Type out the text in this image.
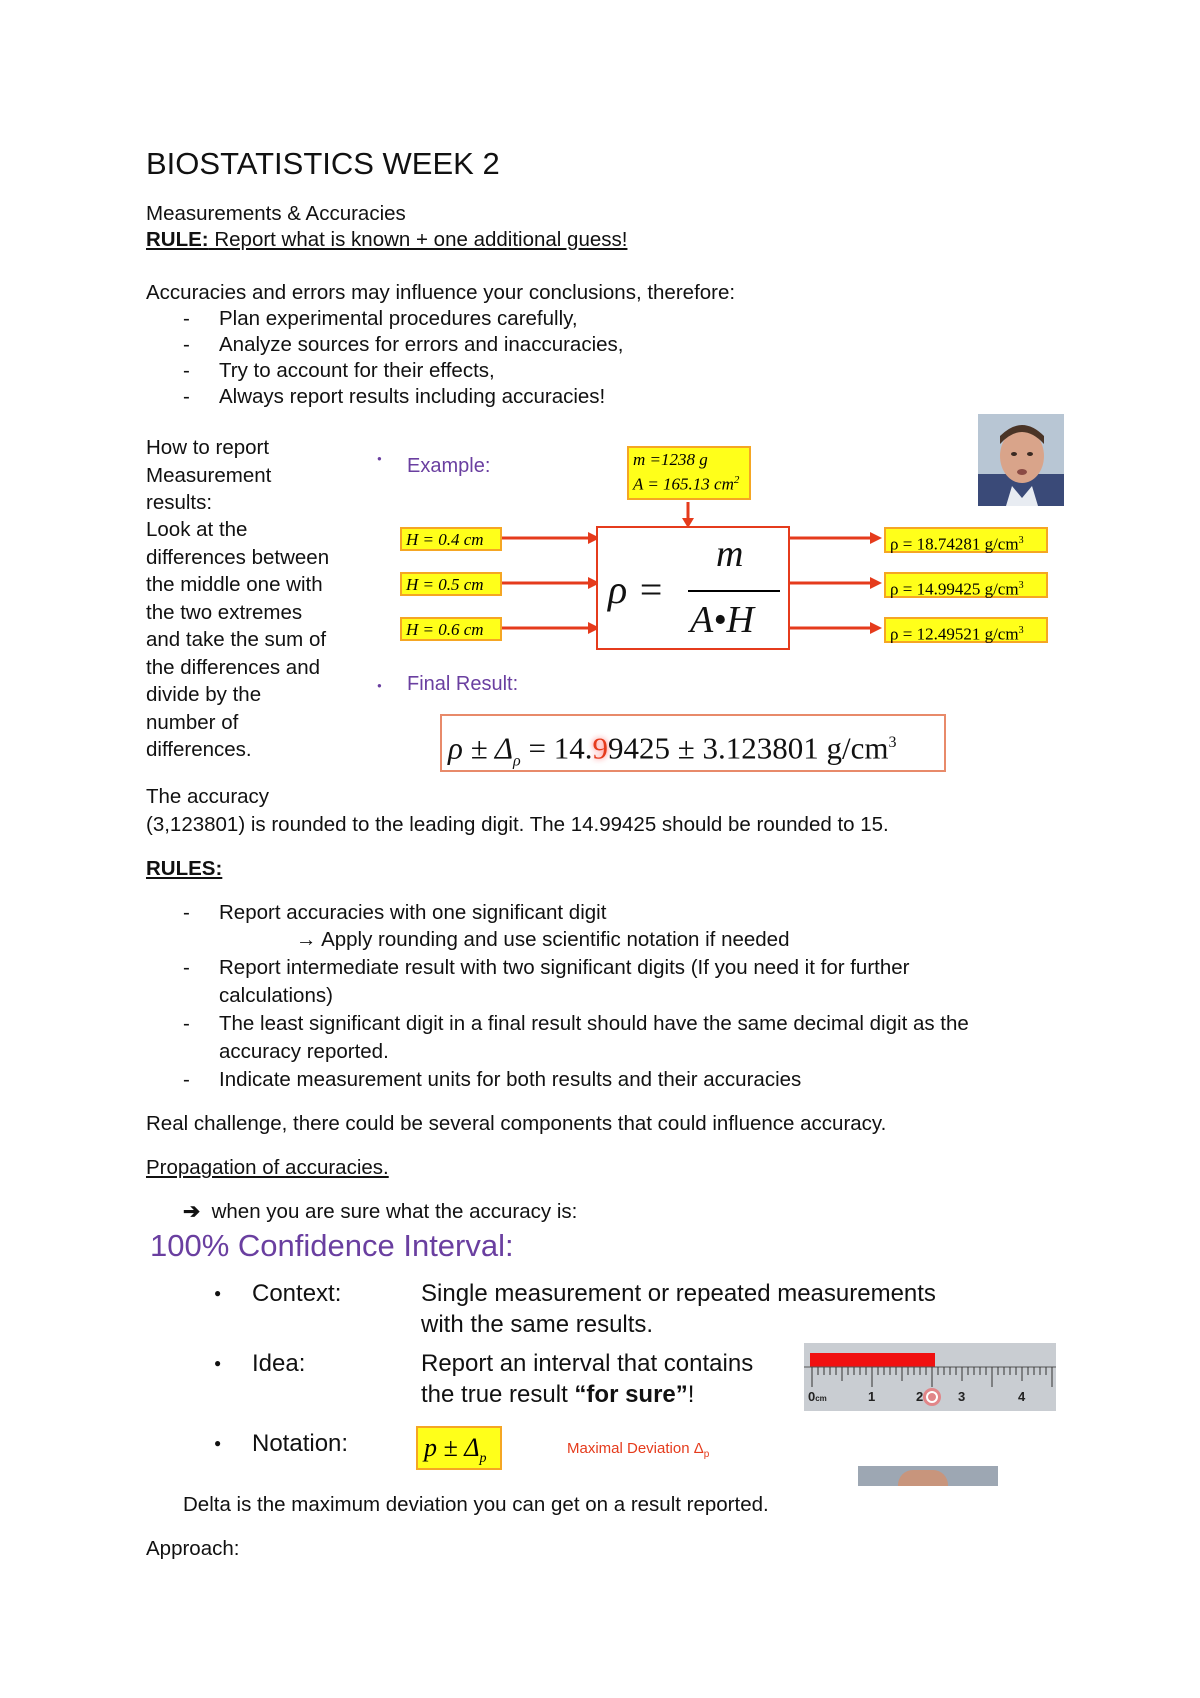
BIOSTATISTICS WEEK 2
Measurements & Accuracies
RULE: Report what is known + one additional guess!
Accuracies and errors may influence your conclusions, therefore:
- Plan experimental procedures carefully,
- Analyze sources for errors and inaccuracies,
- Try to account for their effects,
- Always report results including accuracies!
How to report
Measurement
results:
Look at the
differences between
the middle one with
the two extremes
and take the sum of
the differences and
divide by the
number of
differences.
● Example:	m =1238 g
A = 165.13 $cm^2$
H = 0.4 cm
H = 0.5 cm
H = 0.6 cm
ρ =
m
A•H
ρ = 18.74281 $g/cm^3$
ρ = 14.99425 $g/cm^3$
ρ = 12.49521 $g/cm^3$
● Final Result:
$\rho \pm \Delta_\rho = 14.99425 \pm 3.123801$ $g/cm^3$
The accuracy
(3,123801) is rounded to the leading digit. The 14.99425 should be rounded to 15.
RULES:
- Report accuracies with one significant digit
→ Apply rounding and use scientific notation if needed
- Report intermediate result with two significant digits (If you need it for further
calculations)
- The least significant digit in a final result should have the same decimal digit as the
accuracy reported.
- Indicate measurement units for both results and their accuracies
Real challenge, there could be several components that could influence accuracy.
Propagation of accuracies.
➔ when you are sure what the accuracy is:
100% Confidence Interval:
● Context:	Single measurement or repeated measurements
with the same results.
● Idea:	Report an interval that contains
the true result “for sure”!
● Notation:	$p \pm \Delta_p$
Maximal Deviation $\Delta_p$
0cm	1	2	3	4
Delta is the maximum deviation you can get on a result reported.
Approach:
